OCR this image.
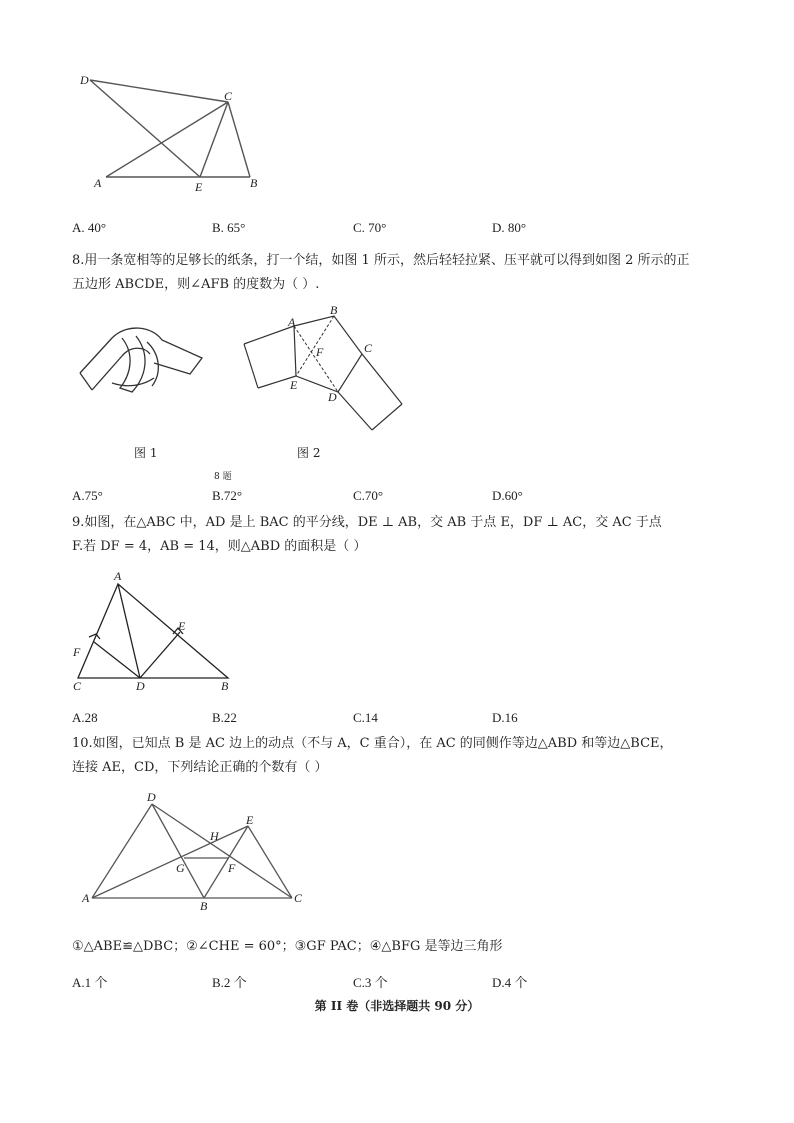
D
C
A	E	B
A. 40°	B. 65°	C. 70°	D. 80°
8.用一条宽相等的足够长的纸条，打一个结，如图 1 所示，然后轻轻拉紧、压平就可以得到如图 2 所示的正
五边形 ABCDE，则∠AFB 的度数为（ ）.
图 1
A
B
F	C
E
D
图 2
8 题
A.75°	B.72°	C.70°	D.60°
9.如图，在△ABC 中，AD 是上 BAC 的平分线，DE ⊥ AB，交 AB 于点 E，DF ⊥ AC，交 AC 于点
F.若 DF = 4，AB = 14，则△ABD 的面积是（ ）
A
E
F
C	D	B
A.28	B.22	C.14	D.16
10.如图，已知点 B 是 AC 边上的动点（不与 A，C 重合），在 AC 的同侧作等边△ABD 和等边△BCE，
连接 AE，CD，下列结论正确的个数有（ ）
D
E
H
G	F
A
B
C
①△ABE≌△DBC；②∠CHE = 60°；③GF PAC；④△BFG 是等边三角形
A.1 个	B.2 个	C.3 个	D.4 个
第 II 卷（非选择题共 90 分）
